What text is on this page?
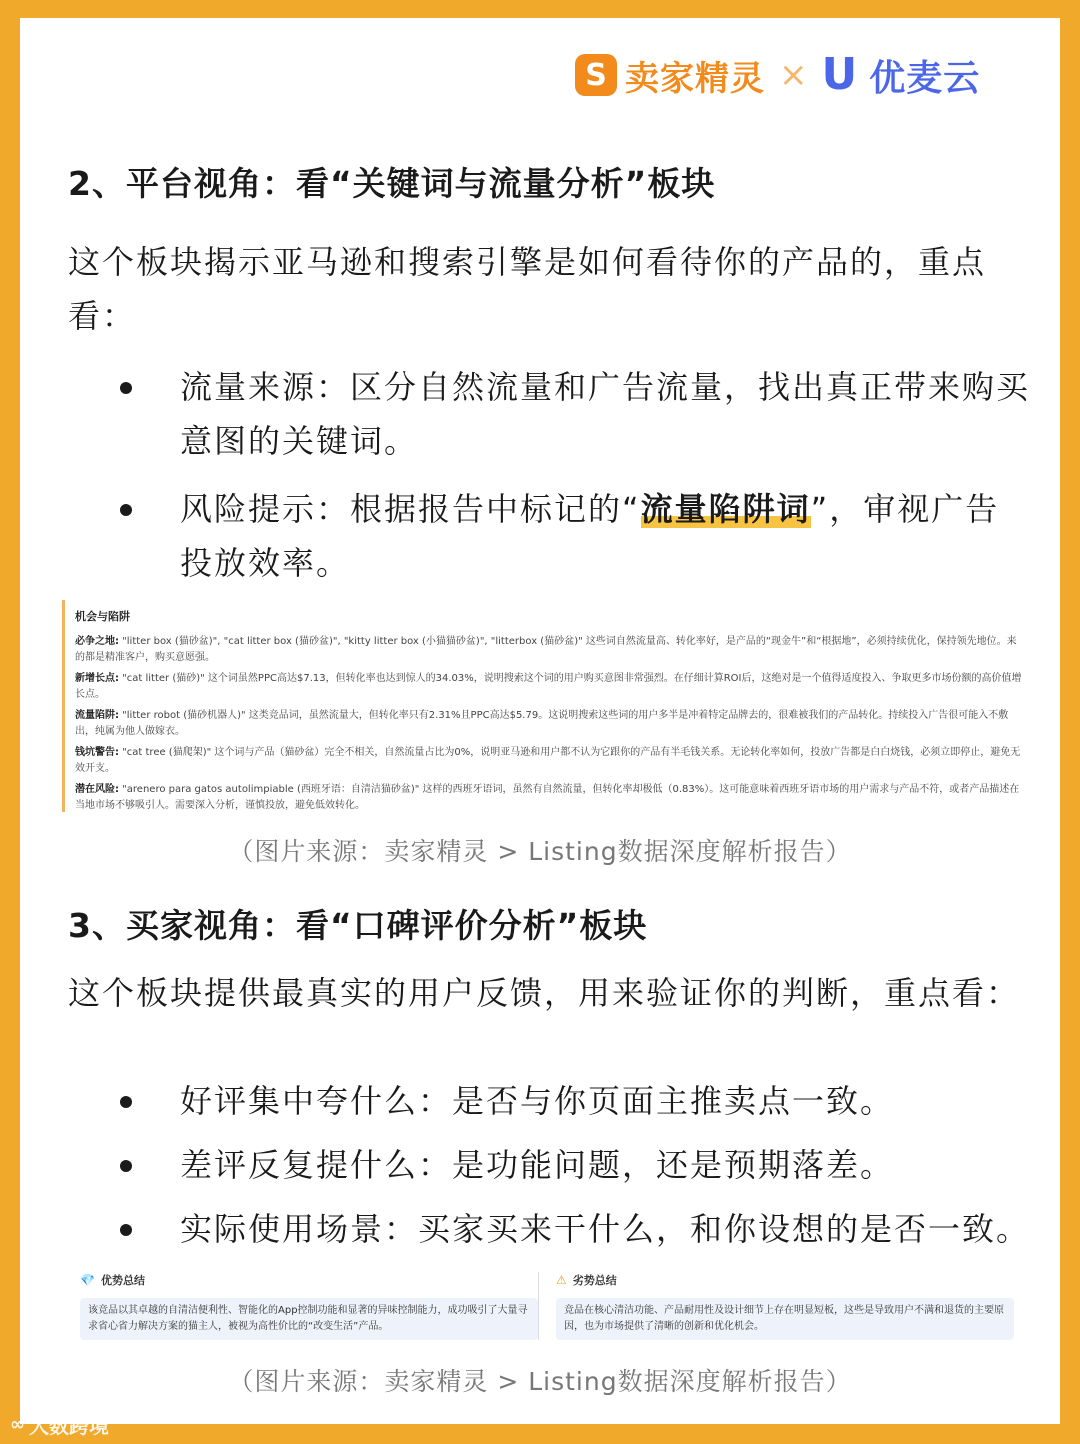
S 卖家精灵 × U 优麦云
2、平台视角：看“关键词与流量分析”板块
这个板块揭示亚马逊和搜索引擎是如何看待你的产品的，重点看：
流量来源：区分自然流量和广告流量，找出真正带来购买意图的关键词。
风险提示：根据报告中标记的“流量陷阱词”，审视广告投放效率。
机会与陷阱
必争之地: "litter box (猫砂盆)", "cat litter box (猫砂盆)", "kitty litter box (小猫猫砂盆)", "litterbox (猫砂盆)" 这些词自然流量高、转化率好，是产品的“现金牛”和“根据地”，必须持续优化，保持领先地位。来的都是精准客户，购买意愿强。
新增长点: "cat litter (猫砂)" 这个词虽然PPC高达$7.13，但转化率也达到惊人的34.03%，说明搜索这个词的用户购买意图非常强烈。在仔细计算ROI后，这绝对是一个值得适度投入、争取更多市场份额的高价值增长点。
流量陷阱: "litter robot (猫砂机器人)" 这类竞品词，虽然流量大，但转化率只有2.31%且PPC高达$5.79。这说明搜索这些词的用户多半是冲着特定品牌去的，很难被我们的产品转化。持续投入广告很可能入不敷出，纯属为他人做嫁衣。
钱坑警告: "cat tree (猫爬架)" 这个词与产品（猫砂盆）完全不相关，自然流量占比为0%，说明亚马逊和用户都不认为它跟你的产品有半毛钱关系。无论转化率如何，投放广告都是白白烧钱，必须立即停止，避免无效开支。
潜在风险: "arenero para gatos autolimpiable (西班牙语：自清洁猫砂盆)" 这样的西班牙语词，虽然有自然流量，但转化率却极低（0.83%）。这可能意味着西班牙语市场的用户需求与产品不符，或者产品描述在当地市场不够吸引人。需要深入分析，谨慎投放，避免低效转化。
（图片来源：卖家精灵 > Listing数据深度解析报告）
3、买家视角：看“口碑评价分析”板块
这个板块提供最真实的用户反馈，用来验证你的判断，重点看：
好评集中夸什么：是否与你页面主推卖点一致。
差评反复提什么：是功能问题，还是预期落差。
实际使用场景：买家买来干什么，和你设想的是否一致。
💎 优势总结
该竞品以其卓越的自清洁便利性、智能化的App控制功能和显著的异味控制能力，成功吸引了大量寻求省心省力解决方案的猫主人，被视为高性价比的“改变生活”产品。
⚠ 劣势总结
竞品在核心清洁功能、产品耐用性及设计细节上存在明显短板，这些是导致用户不满和退货的主要原因，也为市场提供了清晰的创新和优化机会。
（图片来源：卖家精灵 > Listing数据深度解析报告）
∞ 大数跨境
